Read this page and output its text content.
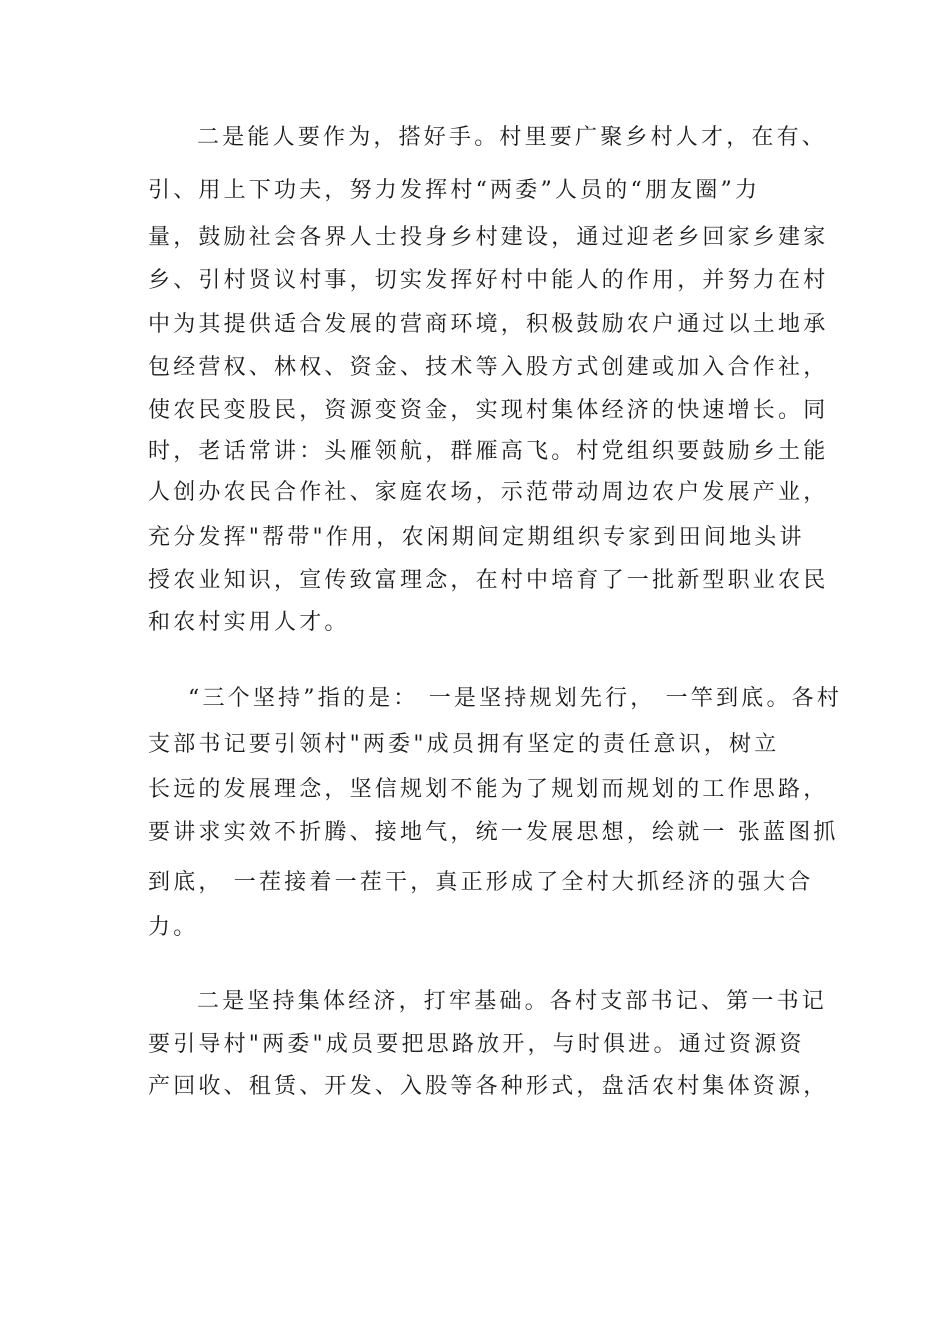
二是能人要作为，搭好手。村里要广聚乡村人才，在有、
引、用上下功夫，努力发挥村“两委”人员的“朋友圈”力
量，鼓励社会各界人士投身乡村建设，通过迎老乡回家乡建家
乡、引村贤议村事，切实发挥好村中能人的作用，并努力在村
中为其提供适合发展的营商环境，积极鼓励农户通过以土地承
包经营权、林权、资金、技术等入股方式创建或加入合作社，
使农民变股民，资源变资金，实现村集体经济的快速增长。同
时，老话常讲：头雁领航，群雁高飞。村党组织要鼓励乡土能
人创办农民合作社、家庭农场，示范带动周边农户发展产业，
充分发挥"帮带"作用，农闲期间定期组织专家到田间地头讲
授农业知识，宣传致富理念，在村中培育了一批新型职业农民
和农村实用人才。
“三个坚持”指的是： 一是坚持规划先行， 一竿到底。各村
支部书记要引领村"两委"成员拥有坚定的责任意识，树立
长远的发展理念，坚信规划不能为了规划而规划的工作思路，
要讲求实效不折腾、接地气，统一发展思想，绘就一 张蓝图抓
到底， 一茬接着一茬干，真正形成了全村大抓经济的强大合
力。
二是坚持集体经济，打牢基础。各村支部书记、第一书记
要引导村"两委"成员要把思路放开，与时俱进。通过资源资
产回收、租赁、开发、入股等各种形式，盘活农村集体资源，
